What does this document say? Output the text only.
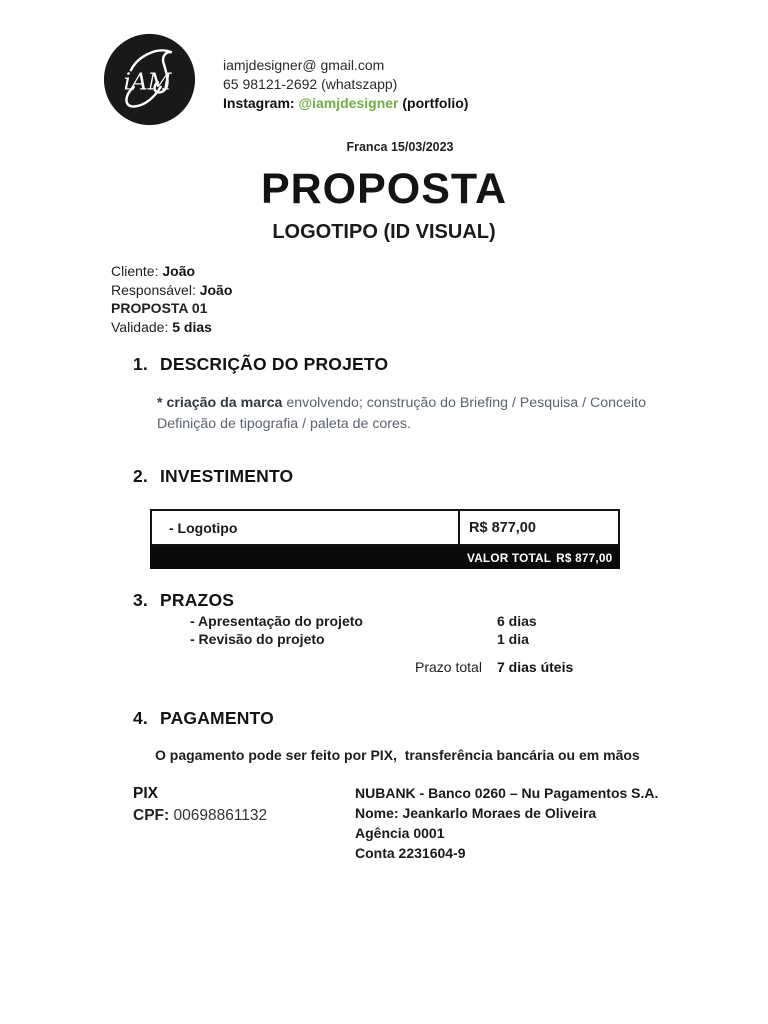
iAM
iamjdesigner@ gmail.com
65 98121-2692 (whatszapp)
Instagram: @iamjdesigner (portfolio)
Franca 15/03/2023
PROPOSTA
LOGOTIPO (ID VISUAL)
Cliente: João
Responsável: João
PROPOSTA 01
Validade: 5 dias
1. DESCRIÇÃO DO PROJETO
* criação da marca envolvendo; construção do Briefing / Pesquisa / Conceito Definição de tipografia / paleta de cores.
2. INVESTIMENTO
- Logotipo	R$ 877,00
VALOR TOTAL R$ 877,00
3. PRAZOS
- Apresentação do projeto	6 dias
- Revisão do projeto	1 dia
Prazo total 7 dias úteis
4. PAGAMENTO
O pagamento pode ser feito por PIX,  transferência bancária ou em mãos
PIX
CPF: 00698861132
NUBANK - Banco 0260 – Nu Pagamentos S.A.
Nome: Jeankarlo Moraes de Oliveira
Agência 0001
Conta 2231604-9
